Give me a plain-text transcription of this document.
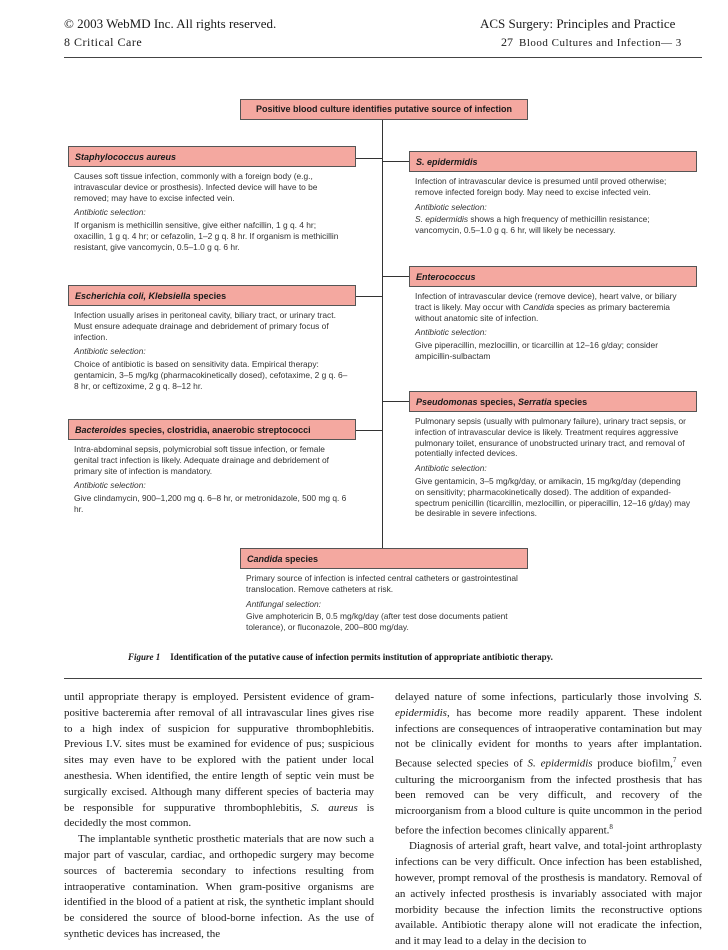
© 2003 WebMD Inc. All rights reserved.
8 Critical Care
ACS Surgery: Principles and Practice
27 Blood Cultures and Infection— 3
Positive blood culture identifies putative source of infection
Staphylococcus aureus

Causes soft tissue infection, commonly with a foreign body (e.g., intravascular device or prosthesis). Infected device will have to be removed; may have to excise infected vein.

Antibiotic selection:

If organism is methicillin sensitive, give either nafcillin, 1 g q. 4 hr; oxacillin, 1 g q. 4 hr; or cefazolin, 1–2 g q. 8 hr. If organism is methicillin resistant, give vancomycin, 0.5–1.0 g q. 6 hr.

S. epidermidis

Infection of intravascular device is presumed until proved otherwise; remove infected foreign body. May need to excise infected vein.

Antibiotic selection:

S. epidermidis shows a high frequency of methicillin resistance; vancomycin, 0.5–1.0 g q. 6 hr, will likely be necessary.

Enterococcus

Infection of intravascular device (remove device), heart valve, or biliary tract is likely. May occur with Candida species as primary bacteremia without anatomic site of infection.

Antibiotic selection:

Give piperacillin, mezlocillin, or ticarcillin at 12–16 g/day; consider ampicillin-sulbactam

Escherichia coli, Klebsiella species

Infection usually arises in peritoneal cavity, biliary tract, or urinary tract. Must ensure adequate drainage and debridement of primary focus of infection.

Antibiotic selection:

Choice of antibiotic is based on sensitivity data. Empirical therapy: gentamicin, 3–5 mg/kg (pharmacokinetically dosed), cefotaxime, 2 g q. 6–8 hr, or ceftizoxime, 2 g q. 8–12 hr.

Pseudomonas species, Serratia species

Pulmonary sepsis (usually with pulmonary failure), urinary tract sepsis, or infection of intravascular device is likely. Treatment requires aggressive pulmonary toilet, ensurance of unobstructed urinary tract, and removal of potentially infected devices.

Antibiotic selection:

Give gentamicin, 3–5 mg/kg/day, or amikacin, 15 mg/kg/day (depending on sensitivity; pharmacokinetically dosed). The addition of expanded-spectrum penicillin (ticarcillin, mezlocillin, or piperacillin, 12–16 g/day) may be desirable in severe infections.

Bacteroides species, clostridia, anaerobic streptococci

Intra-abdominal sepsis, polymicrobial soft tissue infection, or female genital tract infection is likely. Adequate drainage and debridement of primary site of infection is mandatory.

Antibiotic selection:

Give clindamycin, 900–1,200 mg q. 6–8 hr, or metronidazole, 500 mg q. 6 hr.

Candida species

Primary source of infection is infected central catheters or gastrointestinal translocation. Remove catheters at risk.

Antifungal selection:

Give amphotericin B, 0.5 mg/kg/day (after test dose documents patient tolerance), or fluconazole, 200–800 mg/day.

Figure 1 Identification of the putative cause of infection permits institution of appropriate antibiotic therapy.

until appropriate therapy is employed. Persistent evidence of gram-positive bacteremia after removal of all intravascular lines gives rise to a high index of suspicion for suppurative thrombophlebitis. Previous I.V. sites must be examined for evidence of pus; suspicious sites may even have to be explored with the patient under local anesthesia. When identified, the entire length of septic vein must be surgically excised. Although many different species of bacteria may be responsible for suppurative thrombophlebitis, S. aureus is decidedly the most common.

The implantable synthetic prosthetic materials that are now such a major part of vascular, cardiac, and orthopedic surgery may become sources of bacteremia secondary to infections resulting from intraoperative contamination. When gram-positive organisms are identified in the blood of a patient at risk, the synthetic implant should be considered the source of blood-borne infection. As the use of synthetic devices has increased, the

delayed nature of some infections, particularly those involving S. epidermidis, has become more readily apparent. These indolent infections are consequences of intraoperative contamination but may not be clinically evident for months to years after implantation. Because selected species of S. epidermidis produce biofilm,$^7$ even culturing the microorganism from the infected prosthesis that has been removed can be very difficult, and recovery of the microorganism from a blood culture is quite uncommon in the period before the infection becomes clinically apparent.$^8$

Diagnosis of arterial graft, heart valve, and total-joint arthroplasty infections can be very difficult. Once infection has been established, however, prompt removal of the prosthesis is mandatory. Removal of an actively infected prosthesis is invariably associated with major morbidity because the infection limits the reconstructive options available. Antibiotic therapy alone will not eradicate the infection, and it may lead to a delay in the decision to
